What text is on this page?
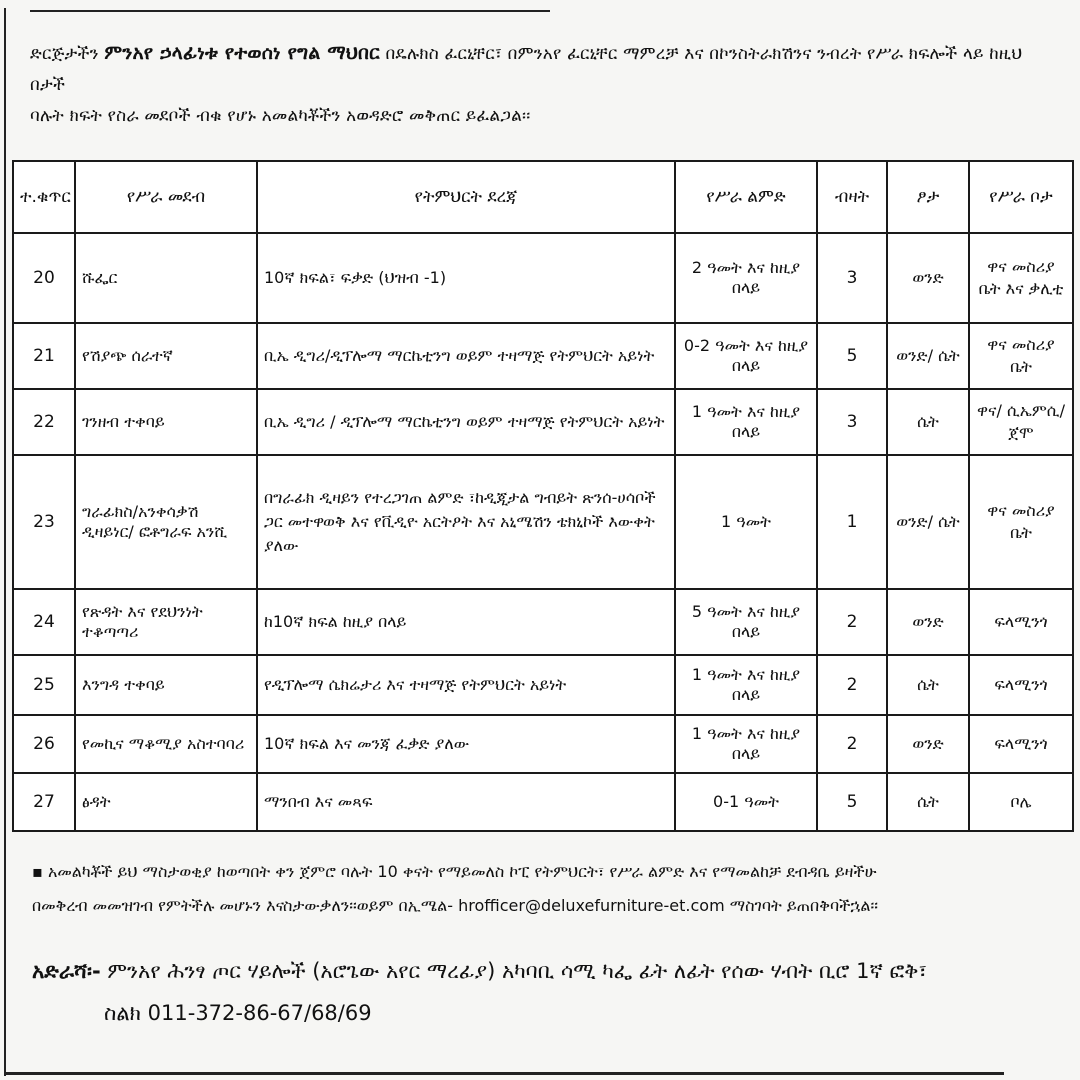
ድርጅታችን ምንአየ ኃላፊነቱ የተወሰነ የግል ማህበር በዴሉክስ ፈርኒቸር፣ በምንአየ ፈርኒቸር ማምረቻ እና በኮንስትራክሽንና ንብረት የሥራ ክፍሎች ላይ ከዚህ በታች
ባሉት ክፍት የስራ መደቦች ብቁ የሆኑ አመልካቾችን አወዳድሮ መቅጠር ይፈልጋል፡፡
ተ.ቁጥር	የሥራ መደብ	የትምህርት ደረጃ	የሥራ ልምድ	ብዛት	ፆታ	የሥራ ቦታ
20	ሹፌር	10ኛ ክፍል፣ ፍቃድ (ህዝብ -1)	2 ዓመት እና ከዚያ በላይ	3	ወንድ	ዋና መስሪያ ቤት እና ቃሊቲ
21	የሽያጭ ሰራተኛ	ቢኤ ዲግሪ/ዲፕሎማ ማርኬቲንግ ወይም ተዛማጅ የትምህርት አይነት	0-2 ዓመት እና ከዚያ በላይ	5	ወንድ/ ሴት	ዋና መስሪያ ቤት
22	ገንዘብ ተቀባይ	ቢኤ ዲግሪ / ዲፕሎማ ማርኬቲንግ ወይም ተዛማጅ የትምህርት አይነት	1 ዓመት እና ከዚያ በላይ	3	ሴት	ዋና/ ሲኤምሲ/ ጀሞ
23	ግራፊክስ/አንቀሳቃሽ ዲዛይነር/ ፎቶግራፍ አንሺ	በግራፊክ ዲዛይን የተረጋገጠ ልምድ ፣ከዲጂታል ግብይት ጽንሰ-ሀሳቦች ጋር መተዋወቅ እና የቪዲዮ አርትዖት እና አኒሜሽን ቴክኒኮች እውቀት ያለው	1 ዓመት	1	ወንድ/ ሴት	ዋና መስሪያ ቤት
24	የጽዳት እና የደህንነት ተቆጣጣሪ	ከ10ኛ ክፍል ከዚያ በላይ	5 ዓመት እና ከዚያ በላይ	2	ወንድ	ፍላሚንጎ
25	እንግዳ ተቀባይ	የዲፕሎማ ሴክሬታሪ እና ተዛማጅ የትምህርት አይነት	1 ዓመት እና ከዚያ በላይ	2	ሴት	ፍላሚንጎ
26	የመኪና ማቆሚያ አስተባባሪ	10ኛ ክፍል እና መንጃ ፈቃድ ያለው	1 ዓመት እና ከዚያ በላይ	2	ወንድ	ፍላሚንጎ
27	ፅዳት	ማንበብ እና መጻፍ	0-1 ዓመት	5	ሴት	ቦሌ
▪ አመልካቾች ይህ ማስታወቂያ ከወጣበት ቀን ጀምሮ ባሉት 10 ቀናት የማይመለስ ኮፒ የትምህርት፣ የሥራ ልምድ እና የማመልከቻ ደብዳቤ ይዛችሁ
በመቅረብ መመዝገብ የምትችሉ መሆኑን እናስታውቃለን፡፡ወይም በኢሜል- hrofficer@deluxefurniture-et.com ማስገባት ይጠበቅባችኋል፡፡
አድራሻ፡- ምንአየ ሕንፃ ጦር ሃይሎች (አሮጌው አየር ማረፊያ) አካባቢ ሳሚ ካፌ ፊት ለፊት የሰው ሃብት ቢሮ 1ኛ ፎቅ፣
ስልክ 011-372-86-67/68/69
